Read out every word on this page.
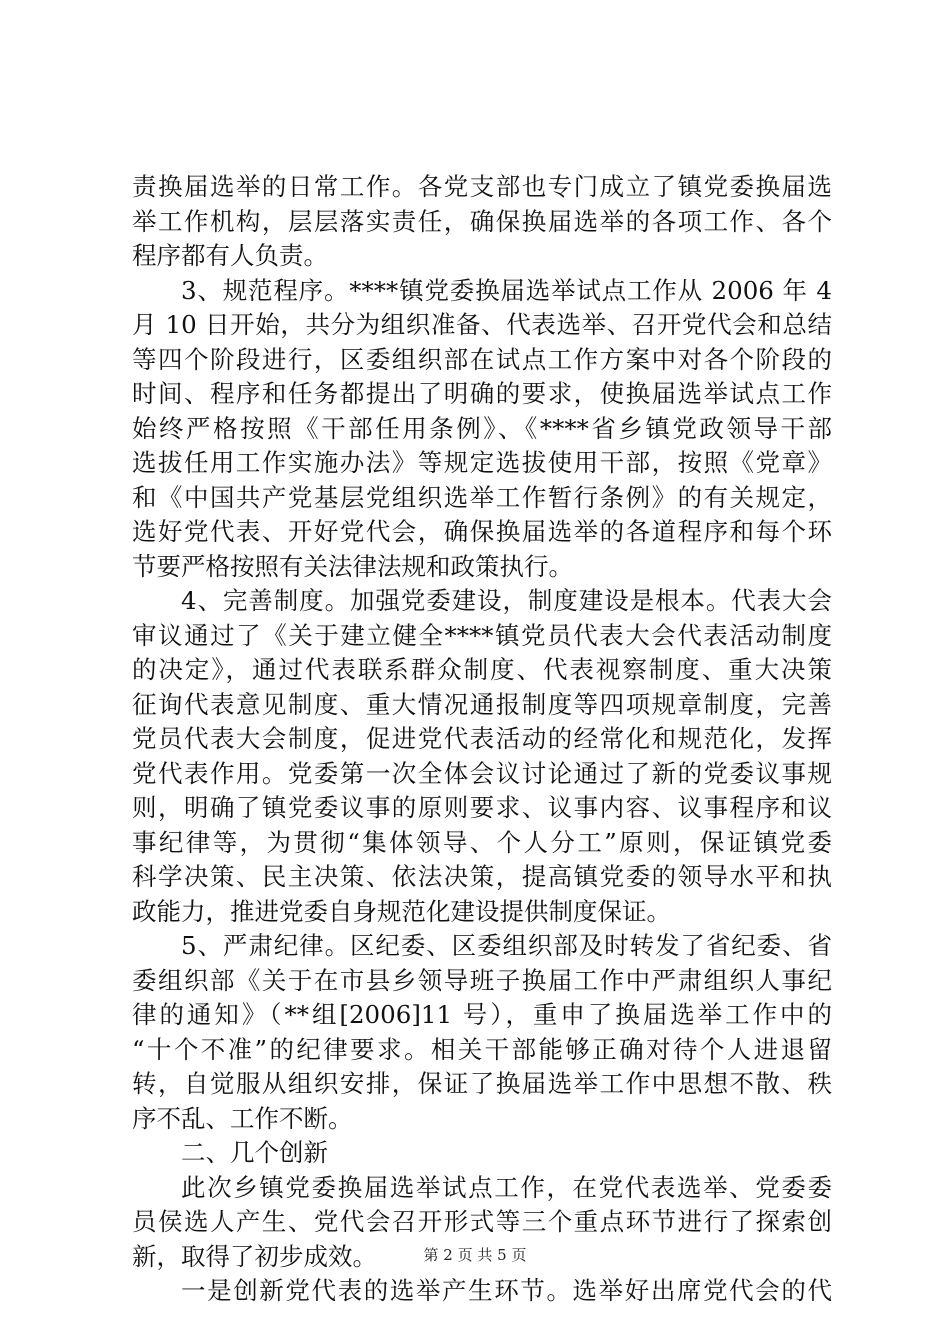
责换届选举的日常工作。各党支部也专门成立了镇党委换届选
举工作机构，层层落实责任，确保换届选举的各项工作、各个
程序都有人负责。
3、规范程序。****镇党委换届选举试点工作从 2006 年 4
月 10 日开始，共分为组织准备、代表选举、召开党代会和总结
等四个阶段进行，区委组织部在试点工作方案中对各个阶段的
时间、程序和任务都提出了明确的要求，使换届选举试点工作
始终严格按照《干部任用条例》、《****省乡镇党政领导干部
选拔任用工作实施办法》等规定选拔使用干部，按照《党章》
和《中国共产党基层党组织选举工作暂行条例》的有关规定，
选好党代表、开好党代会，确保换届选举的各道程序和每个环
节要严格按照有关法律法规和政策执行。
4、完善制度。加强党委建设，制度建设是根本。代表大会
审议通过了《关于建立健全****镇党员代表大会代表活动制度
的决定》，通过代表联系群众制度、代表视察制度、重大决策
征询代表意见制度、重大情况通报制度等四项规章制度，完善
党员代表大会制度，促进党代表活动的经常化和规范化，发挥
党代表作用。党委第一次全体会议讨论通过了新的党委议事规
则，明确了镇党委议事的原则要求、议事内容、议事程序和议
事纪律等，为贯彻“集体领导、个人分工”原则，保证镇党委
科学决策、民主决策、依法决策，提高镇党委的领导水平和执
政能力，推进党委自身规范化建设提供制度保证。
5、严肃纪律。区纪委、区委组织部及时转发了省纪委、省
委组织部《关于在市县乡领导班子换届工作中严肃组织人事纪
律的通知》（**组[2006]11 号），重申了换届选举工作中的
“十个不准”的纪律要求。相关干部能够正确对待个人进退留
转，自觉服从组织安排，保证了换届选举工作中思想不散、秩
序不乱、工作不断。
二、几个创新
此次乡镇党委换届选举试点工作，在党代表选举、党委委
员侯选人产生、党代会召开形式等三个重点环节进行了探索创
新，取得了初步成效。
一是创新党代表的选举产生环节。选举好出席党代会的代
第 2 页 共 5 页
